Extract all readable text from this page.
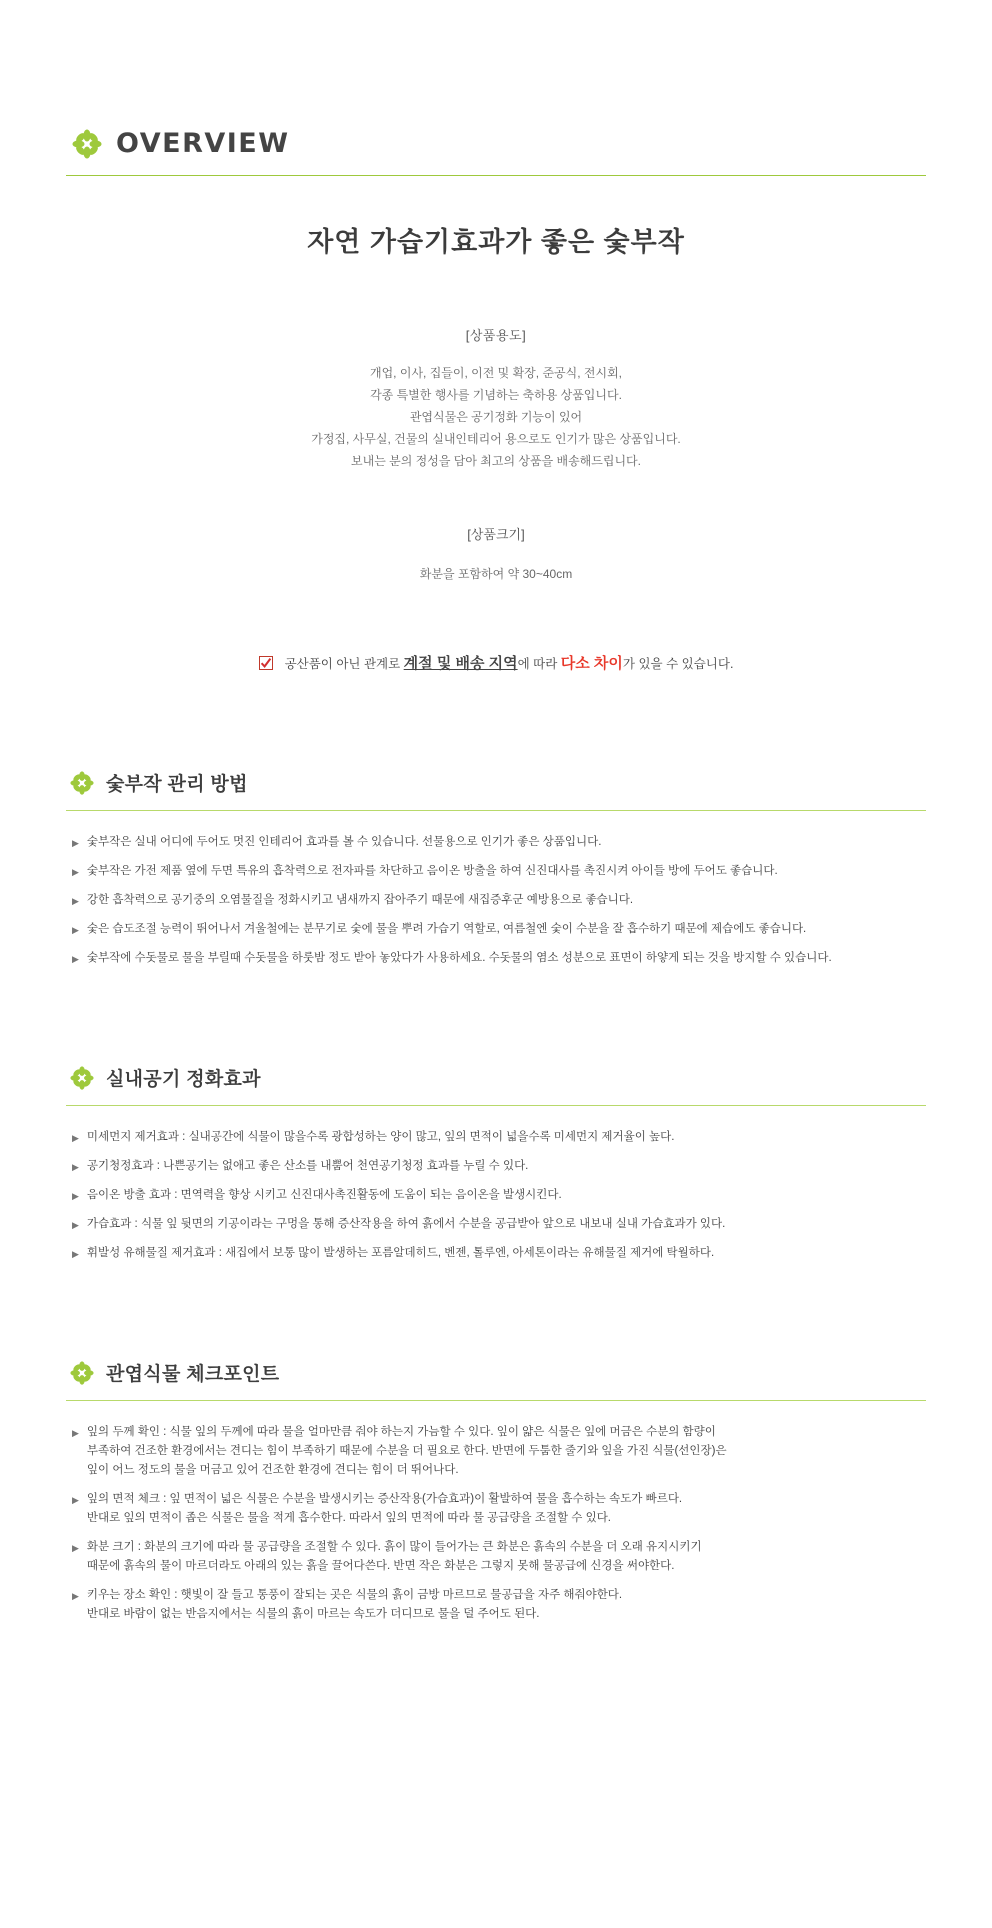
OVERVIEW
자연 가습기효과가 좋은 숯부작
[상품용도]
개업, 이사, 집들이, 이전 및 확장, 준공식, 전시회,
각종 특별한 행사를 기념하는 축하용 상품입니다.
관엽식물은 공기정화 기능이 있어
가정집, 사무실, 건물의 실내인테리어 용으로도 인기가 많은 상품입니다.
보내는 분의 정성을 담아 최고의 상품을 배송해드립니다.
[상품크기]
화분을 포함하여 약 30~40cm
공산품이 아닌 관계로 계절 및 배송 지역에 따라 다소 차이가 있을 수 있습니다.
숯부작 관리 방법
▶ 숯부작은 실내 어디에 두어도 멋진 인테리어 효과를 볼 수 있습니다. 선물용으로 인기가 좋은 상품입니다.
▶ 숯부작은 가전 제품 옆에 두면 특유의 흡착력으로 전자파를 차단하고 음이온 방출을 하여 신진대사를 촉진시켜 아이들 방에 두어도 좋습니다.
▶ 강한 흡착력으로 공기중의 오염물질을 정화시키고 냄새까지 잡아주기 때문에 새집증후군 예방용으로 좋습니다.
▶ 숯은 습도조절 능력이 뛰어나서 겨울철에는 분무기로 숯에 물을 뿌려 가습기 역할로, 여름철엔 숯이 수분을 잘 흡수하기 때문에 제습에도 좋습니다.
▶ 숯부작에 수돗물로 물을 부릴때 수돗물을 하룻밤 정도 받아 놓았다가 사용하세요. 수돗물의 염소 성분으로 표면이 하얗게 되는 것을 방지할 수 있습니다.
실내공기 정화효과
▶ 미세먼지 제거효과 : 실내공간에 식물이 많을수록 광합성하는 양이 많고, 잎의 면적이 넓을수록 미세먼지 제거율이 높다.
▶ 공기청정효과 : 나쁜공기는 없애고 좋은 산소를 내뿜어 천연공기청정 효과를 누릴 수 있다.
▶ 음이온 방출 효과 : 면역력을 향상 시키고 신진대사촉진활동에 도움이 되는 음이온을 발생시킨다.
▶ 가습효과 : 식물 잎 뒷면의 기공이라는 구멍을 통해 증산작용을 하여 흙에서 수분을 공급받아 앞으로 내보내 실내 가습효과가 있다.
▶ 휘발성 유해물질 제거효과 : 새집에서 보통 많이 발생하는 포름알데히드, 벤젠, 톨루엔, 아세톤이라는 유해물질 제거에 탁월하다.
관엽식물 체크포인트
▶ 잎의 두께 확인 : 식물 잎의 두께에 따라 물을 얼마만큼 줘야 하는지 가늠할 수 있다. 잎이 얇은 식물은 잎에 머금은 수분의 함량이
부족하여 건조한 환경에서는 견디는 힘이 부족하기 때문에 수분을 더 필요로 한다. 반면에 두툼한 줄기와 잎을 가진 식물(선인장)은
잎이 어느 정도의 물을 머금고 있어 건조한 환경에 견디는 힘이 더 뛰어나다.
▶ 잎의 면적 체크 : 잎 면적이 넓은 식물은 수분을 발생시키는 증산작용(가습효과)이 활발하여 물을 흡수하는 속도가 빠르다.
반대로 잎의 면적이 좁은 식물은 물을 적게 흡수한다. 따라서 잎의 면적에 따라 물 공급량을 조절할 수 있다.
▶ 화분 크기 : 화분의 크기에 따라 물 공급량을 조절할 수 있다. 흙이 많이 들어가는 큰 화분은 흙속의 수분을 더 오래 유지시키기
때문에 흙속의 물이 마르더라도 아래의 있는 흙을 끌어다쓴다. 반면 작은 화분은 그렇지 못해 물공급에 신경을 써야한다.
▶ 키우는 장소 확인 : 햇빛이 잘 들고 통풍이 잘되는 곳은 식물의 흙이 금방 마르므로 물공급을 자주 해줘야한다.
반대로 바람이 없는 반음지에서는 식물의 흙이 마르는 속도가 더디므로 물을 덜 주어도 된다.
